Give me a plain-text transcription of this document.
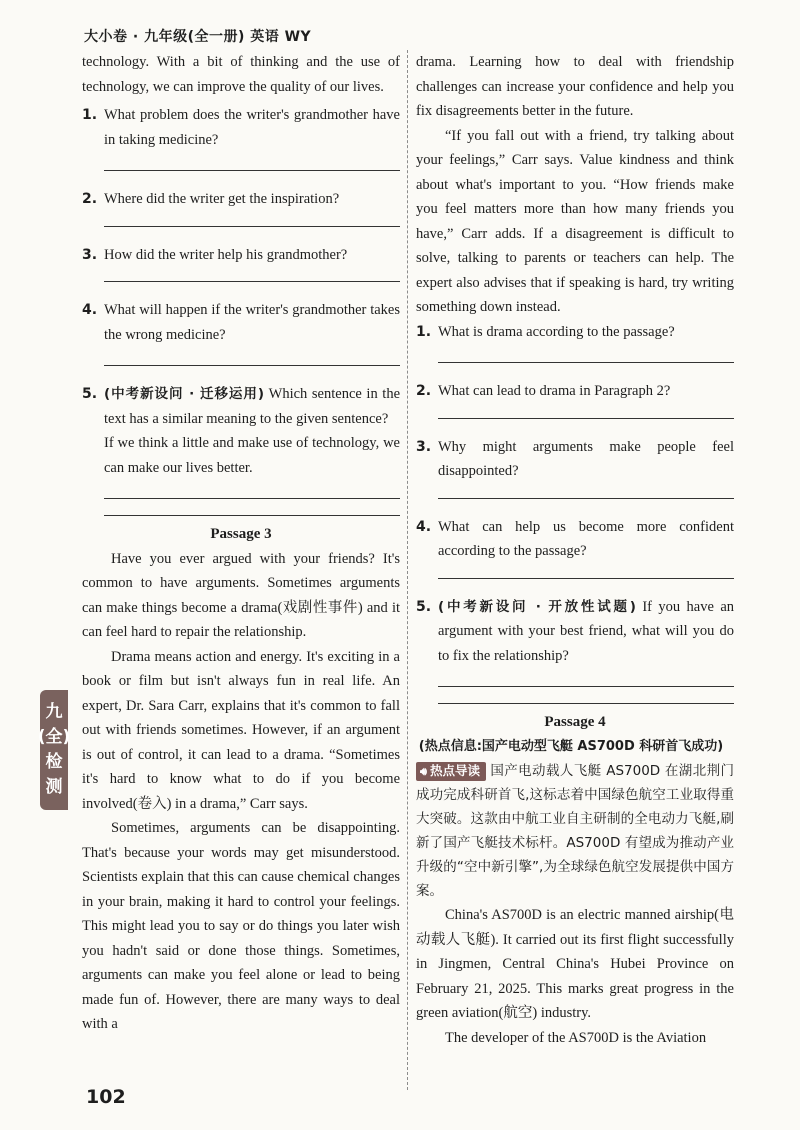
大小卷 · 九年级(全一册) 英语 WY
九
(全)
检
测

technology. With a bit of thinking and the use of technology, we can improve the quality of our lives.

1. What problem does the writer's grandmother have in taking medicine?
2. Where did the writer get the inspiration?
3. How did the writer help his grandmother?
4. What will happen if the writer's grandmother takes the wrong medicine?
5. (中考新设问 · 迁移运用) Which sentence in the text has a similar meaning to the given sentence?
If we think a little and make use of technology, we can make our lives better.
Passage 3

Have you ever argued with your friends? It's common to have arguments. Sometimes arguments can make things become a drama(戏剧性事件) and it can feel hard to repair the relationship.

Drama means action and energy. It's exciting in a book or film but isn't always fun in real life. An expert, Dr. Sara Carr, explains that it's common to fall out with friends sometimes. However, if an argument is out of control, it can lead to a drama. “Sometimes it's hard to know what to do if you become involved(卷入) in a drama,” Carr says.

Sometimes, arguments can be disappointing. That's because your words may get misunderstood. Scientists explain that this can cause chemical changes in your brain, making it hard to control your feelings. This might lead you to say or do things you later wish you hadn't said or done those things. Sometimes, arguments can make you feel alone or lead to being made fun of. However, there are many ways to deal with a

drama. Learning how to deal with friendship challenges can increase your confidence and help you fix disagreements better in the future.

“If you fall out with a friend, try talking about your feelings,” Carr says. Value kindness and think about what's important to you. “How friends make you feel matters more than how many friends you have,” Carr adds. If a disagreement is difficult to solve, talking to parents or teachers can help. The expert also advises that if speaking is hard, try writing something down instead.

1. What is drama according to the passage?
2. What can lead to drama in Paragraph 2?
3. Why might arguments make people feel disappointed?
4. What can help us become more confident according to the passage?
5. (中考新设问 · 开放性试题) If you have an argument with your best friend, what will you do to fix the relationship?
Passage 4
(热点信息:国产电动型飞艇 AS700D 科研首飞成功)
🔊︎ 热点导读 国产电动载人飞艇 AS700D 在湖北荆门成功完成科研首飞,这标志着中国绿色航空工业取得重大突破。这款由中航工业自主研制的全电动力飞艇,刷新了国产飞艇技术标杆。AS700D 有望成为推动产业升级的“空中新引擎”,为全球绿色航空发展提供中国方案。

China's AS700D is an electric manned airship(电动载人飞艇). It carried out its first flight successfully in Jingmen, Central China's Hubei Province on February 21, 2025. This marks great progress in the green aviation(航空) industry.

The developer of the AS700D is the Aviation

102
